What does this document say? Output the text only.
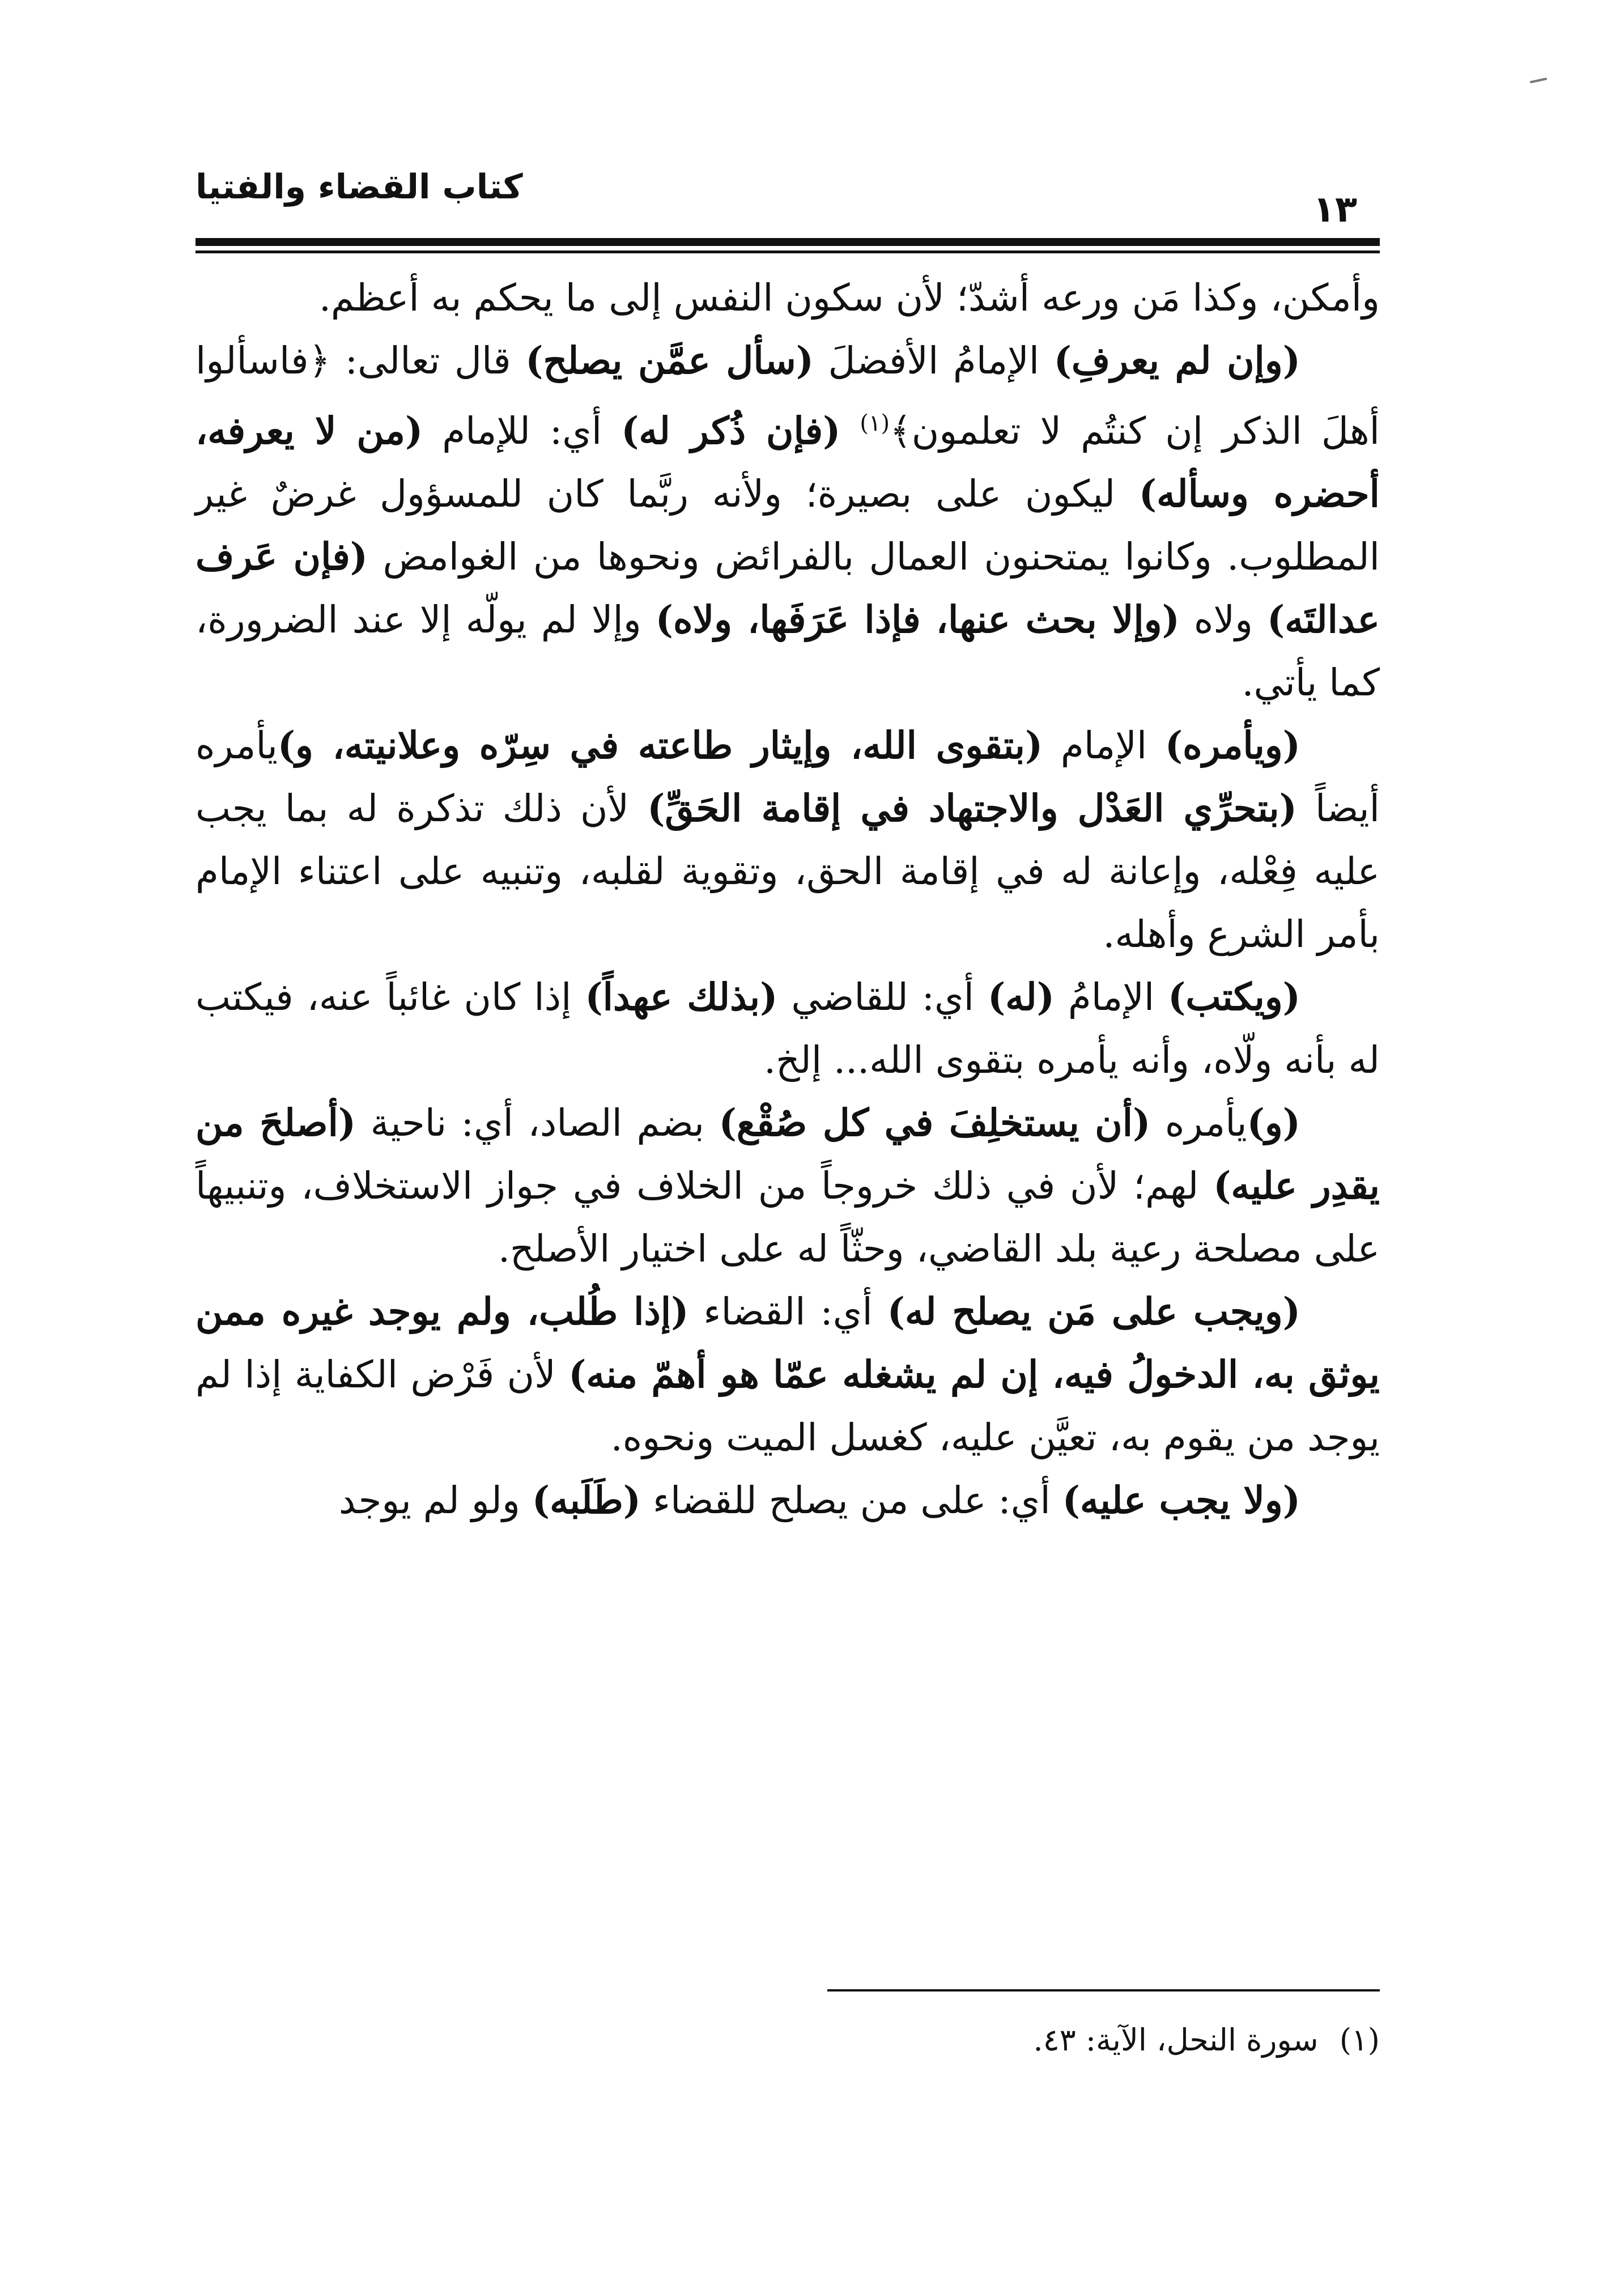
كتاب القضاء والفتيا
١٣

وأمكن، وكذا مَن ورعه أشدّ؛ لأن سكون النفس إلى ما يحكم به أعظم.

(وإن لم يعرفِ) الإمامُ الأفضلَ (سأل عمَّن يصلح) قال تعالى: ﴿فاسألوا أهلَ الذكر إن كنتُم لا تعلمون﴾$^{(١)}$ (فإن ذُكر له) أي: للإمام (من لا يعرفه، أحضره وسأله) ليكون على بصيرة؛ ولأنه ربَّما كان للمسؤول غرضٌ غير المطلوب. وكانوا يمتحنون العمال بالفرائض ونحوها من الغوامض (فإن عَرف عدالتَه) ولاه (وإلا بحث عنها، فإذا عَرَفَها، ولاه) وإلا لم يولّه إلا عند الضرورة، كما يأتي.

(ويأمره) الإمام (بتقوى الله، وإيثار طاعته في سِرّه وعلانيته، و)يأمره أيضاً (بتحرِّي العَدْل والاجتهاد في إقامة الحَقِّ) لأن ذلك تذكرة له بما يجب عليه فِعْله، وإعانة له في إقامة الحق، وتقوية لقلبه، وتنبيه على اعتناء الإمام بأمر الشرع وأهله.

(ويكتب) الإمامُ (له) أي: للقاضي (بذلك عهداً) إذا كان غائباً عنه، فيكتب له بأنه ولّاه، وأنه يأمره بتقوى الله... إلخ.

(و)يأمره (أن يستخلِفَ في كل صُقْع) بضم الصاد، أي: ناحية (أصلحَ من يقدِر عليه) لهم؛ لأن في ذلك خروجاً من الخلاف في جواز الاستخلاف، وتنبيهاً على مصلحة رعية بلد القاضي، وحثّاً له على اختيار الأصلح.

(ويجب على مَن يصلح له) أي: القضاء (إذا طُلب، ولم يوجد غيره ممن يوثق به، الدخولُ فيه، إن لم يشغله عمّا هو أهمّ منه) لأن فَرْض الكفاية إذا لم يوجد من يقوم به، تعيَّن عليه، كغسل الميت ونحوه.

(ولا يجب عليه) أي: على من يصلح للقضاء (طَلَبه) ولو لم يوجد

(١) سورة النحل، الآية: ٤٣.
